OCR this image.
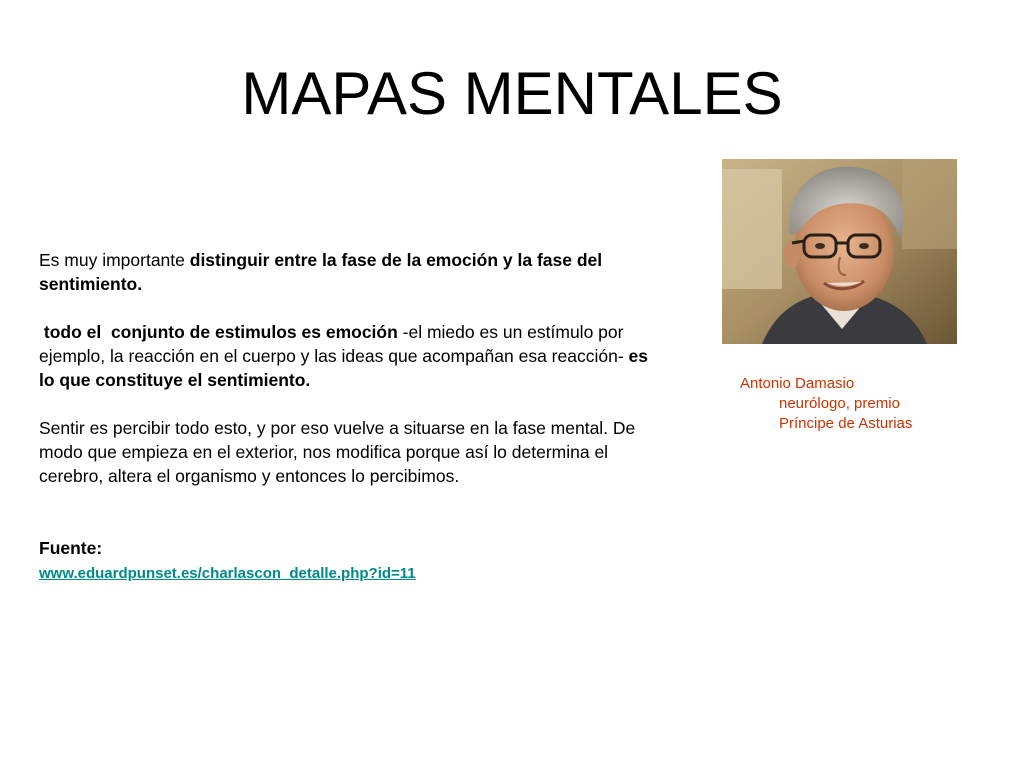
MAPAS MENTALES

Es muy importante distinguir entre la fase de la emoción y la fase del sentimiento.

todo el  conjunto de estimulos es emoción -el miedo es un estímulo por ejemplo, la reacción en el cuerpo y las ideas que acompañan esa reacción- es lo que constituye el sentimiento.

Sentir es percibir todo esto, y por eso vuelve a situarse en la fase mental. De modo que empieza en el exterior, nos modifica porque así lo determina el cerebro, altera el organismo y entonces lo percibimos.

Fuente:
www.eduardpunset.es/charlascon_detalle.php?id=11
Antonio Damasio
neurólogo, premio
Príncipe de Asturias
